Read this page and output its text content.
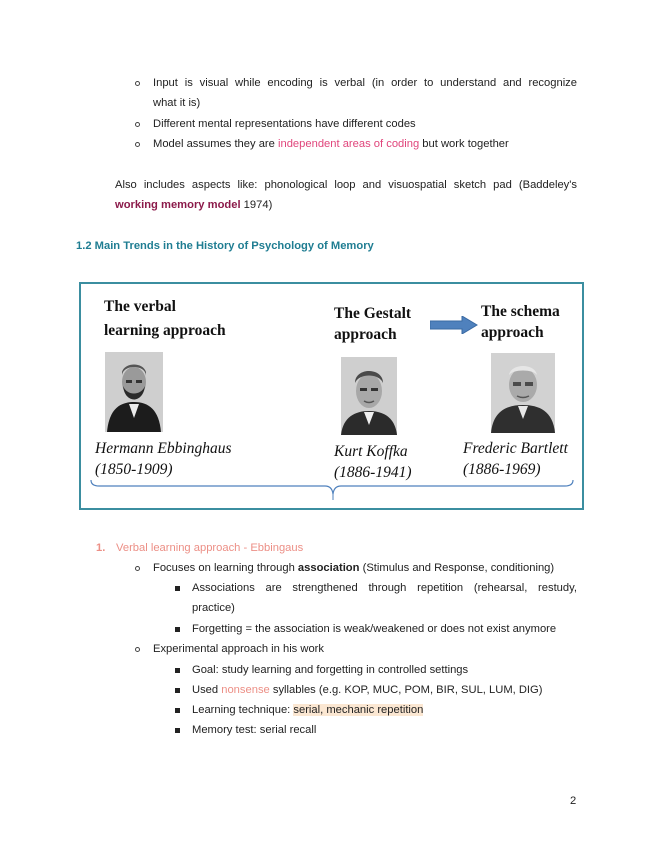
Input is visual while encoding is verbal (in order to understand and recognize
what it is)
Different mental representations have different codes
Model assumes they are independent areas of coding but work together
Also includes aspects like: phonological loop and visuospatial sketch pad (Baddeley's
working memory model 1974)
1.2 Main Trends in the History of Psychology of Memory
The verbal
learning approach
The Gestalt
approach
The schema
approach
Hermann Ebbinghaus
(1850-1909)
Kurt Koffka
(1886-1941)
Frederic Bartlett
(1886-1969)
1. Verbal learning approach - Ebbingaus
Focuses on learning through association (Stimulus and Response, conditioning)
Associations are strengthened through repetition (rehearsal, restudy,
practice)
Forgetting = the association is weak/weakened or does not exist anymore
Experimental approach in his work
Goal: study learning and forgetting in controlled settings
Used nonsense syllables (e.g. KOP, MUC, POM, BIR, SUL, LUM, DIG)
Learning technique: serial, mechanic repetition
Memory test: serial recall
2
